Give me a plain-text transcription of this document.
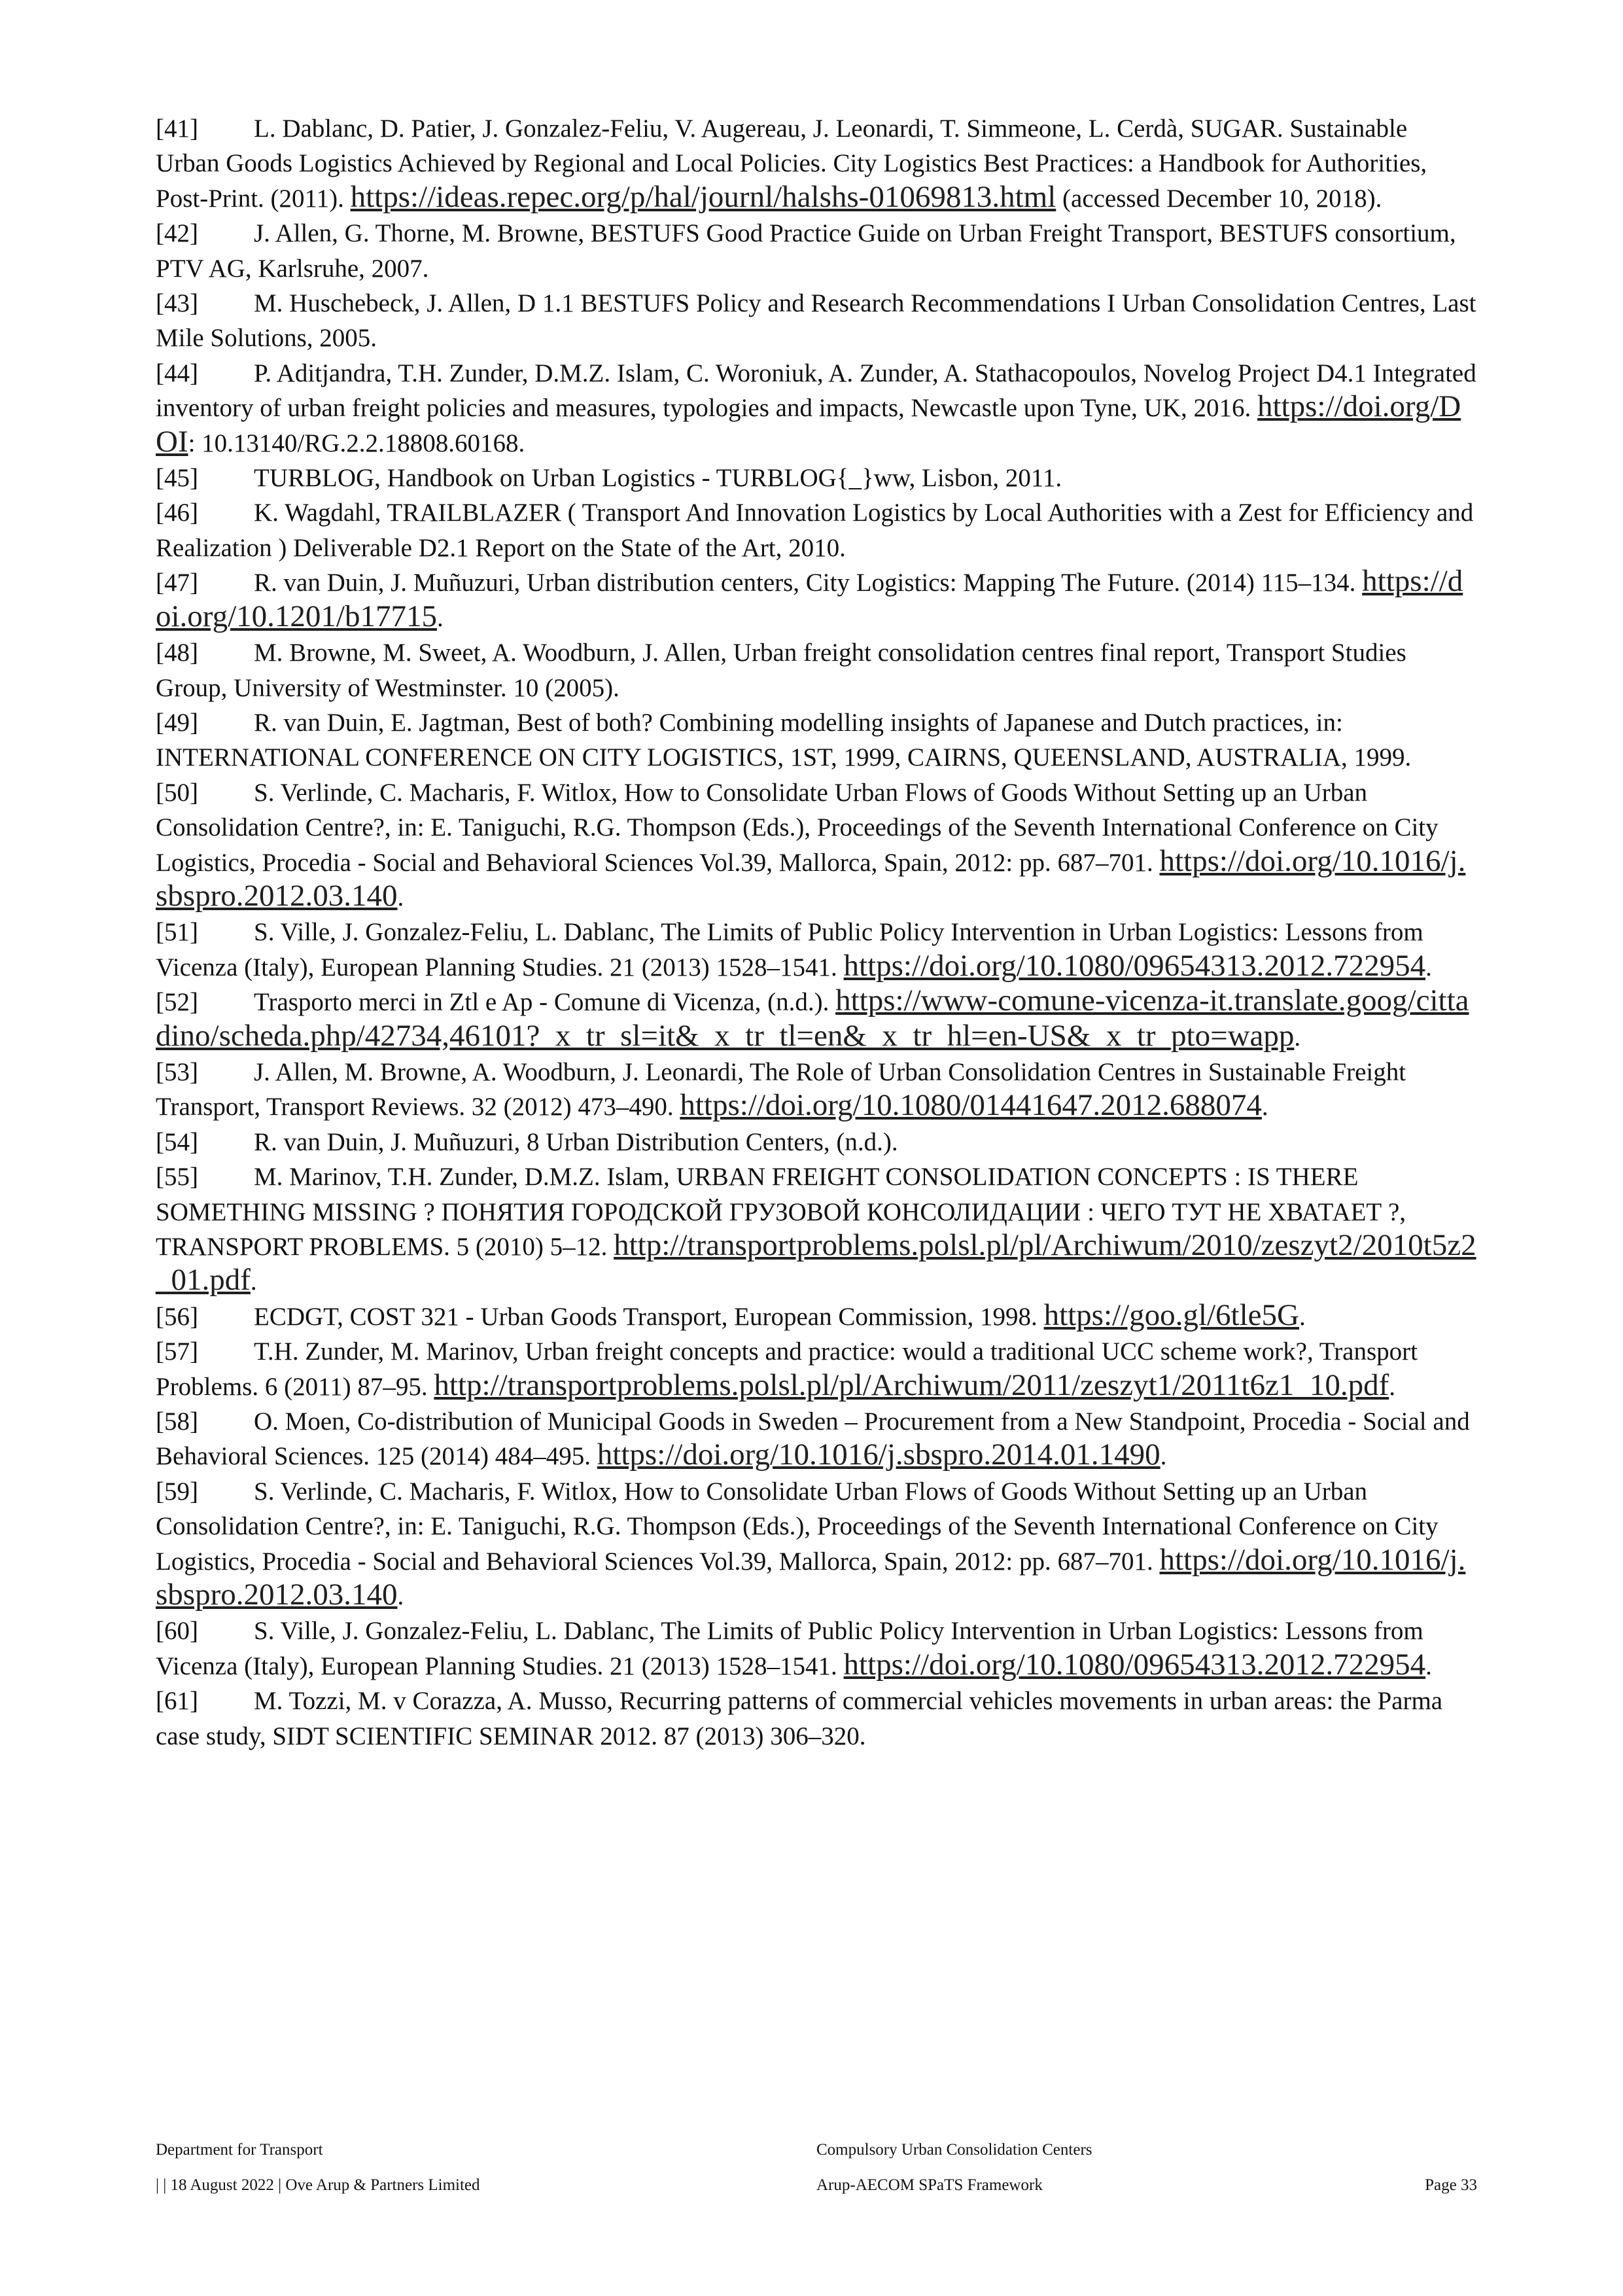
[41] L. Dablanc, D. Patier, J. Gonzalez-Feliu, V. Augereau, J. Leonardi, T. Simmeone, L. Cerdà, SUGAR. Sustainable Urban Goods Logistics Achieved by Regional and Local Policies. City Logistics Best Practices: a Handbook for Authorities, Post-Print. (2011). https://ideas.repec.org/p/hal/journl/halshs-01069813.html (accessed December 10, 2018).

[42] J. Allen, G. Thorne, M. Browne, BESTUFS Good Practice Guide on Urban Freight Transport, BESTUFS consortium, PTV AG, Karlsruhe, 2007.

[43] M. Huschebeck, J. Allen, D 1.1 BESTUFS Policy and Research Recommendations I Urban Consolidation Centres, Last Mile Solutions, 2005.

[44] P. Aditjandra, T.H. Zunder, D.M.Z. Islam, C. Woroniuk, A. Zunder, A. Stathacopoulos, Novelog Project D4.1 Integrated inventory of urban freight policies and measures, typologies and impacts, Newcastle upon Tyne, UK, 2016. https://doi.org/DOI: 10.13140/RG.2.2.18808.60168.

[45] TURBLOG, Handbook on Urban Logistics - TURBLOG{_}ww, Lisbon, 2011.

[46] K. Wagdahl, TRAILBLAZER ( Transport And Innovation Logistics by Local Authorities with a Zest for Efficiency and Realization ) Deliverable D2.1 Report on the State of the Art, 2010.

[47] R. van Duin, J. Muñuzuri, Urban distribution centers, City Logistics: Mapping The Future. (2014) 115–134. https://doi.org/10.1201/b17715.

[48] M. Browne, M. Sweet, A. Woodburn, J. Allen, Urban freight consolidation centres final report, Transport Studies Group, University of Westminster. 10 (2005).

[49] R. van Duin, E. Jagtman, Best of both? Combining modelling insights of Japanese and Dutch practices, in: INTERNATIONAL CONFERENCE ON CITY LOGISTICS, 1ST, 1999, CAIRNS, QUEENSLAND, AUSTRALIA, 1999.

[50] S. Verlinde, C. Macharis, F. Witlox, How to Consolidate Urban Flows of Goods Without Setting up an Urban Consolidation Centre?, in: E. Taniguchi, R.G. Thompson (Eds.), Proceedings of the Seventh International Conference on City Logistics, Procedia - Social and Behavioral Sciences Vol.39, Mallorca, Spain, 2012: pp. 687–701. https://doi.org/10.1016/j.sbspro.2012.03.140.

[51] S. Ville, J. Gonzalez-Feliu, L. Dablanc, The Limits of Public Policy Intervention in Urban Logistics: Lessons from Vicenza (Italy), European Planning Studies. 21 (2013) 1528–1541. https://doi.org/10.1080/09654313.2012.722954.

[52] Trasporto merci in Ztl e Ap - Comune di Vicenza, (n.d.). https://www-comune-vicenza-it.translate.goog/cittadino/scheda.php/42734,46101?_x_tr_sl=it&_x_tr_tl=en&_x_tr_hl=en-US&_x_tr_pto=wapp.

[53] J. Allen, M. Browne, A. Woodburn, J. Leonardi, The Role of Urban Consolidation Centres in Sustainable Freight Transport, Transport Reviews. 32 (2012) 473–490. https://doi.org/10.1080/01441647.2012.688074.

[54] R. van Duin, J. Muñuzuri, 8 Urban Distribution Centers, (n.d.).

[55] M. Marinov, T.H. Zunder, D.M.Z. Islam, URBAN FREIGHT CONSOLIDATION CONCEPTS : IS THERE SOMETHING MISSING ? ПОНЯТИЯ ГОРОДСКОЙ ГРУЗОВОЙ КОНСОЛИДАЦИИ : ЧЕГО ТУТ НЕ ХВАТАЕТ ?, TRANSPORT PROBLEMS. 5 (2010) 5–12. http://transportproblems.polsl.pl/pl/Archiwum/2010/zeszyt2/2010t5z2_01.pdf.

[56] ECDGT, COST 321 - Urban Goods Transport, European Commission, 1998. https://goo.gl/6tle5G.

[57] T.H. Zunder, M. Marinov, Urban freight concepts and practice: would a traditional UCC scheme work?, Transport Problems. 6 (2011) 87–95. http://transportproblems.polsl.pl/pl/Archiwum/2011/zeszyt1/2011t6z1_10.pdf.

[58] O. Moen, Co-distribution of Municipal Goods in Sweden – Procurement from a New Standpoint, Procedia - Social and Behavioral Sciences. 125 (2014) 484–495. https://doi.org/10.1016/j.sbspro.2014.01.1490.

[59] S. Verlinde, C. Macharis, F. Witlox, How to Consolidate Urban Flows of Goods Without Setting up an Urban Consolidation Centre?, in: E. Taniguchi, R.G. Thompson (Eds.), Proceedings of the Seventh International Conference on City Logistics, Procedia - Social and Behavioral Sciences Vol.39, Mallorca, Spain, 2012: pp. 687–701. https://doi.org/10.1016/j.sbspro.2012.03.140.

[60] S. Ville, J. Gonzalez-Feliu, L. Dablanc, The Limits of Public Policy Intervention in Urban Logistics: Lessons from Vicenza (Italy), European Planning Studies. 21 (2013) 1528–1541. https://doi.org/10.1080/09654313.2012.722954.

[61] M. Tozzi, M. v Corazza, A. Musso, Recurring patterns of commercial vehicles movements in urban areas: the Parma case study, SIDT SCIENTIFIC SEMINAR 2012. 87 (2013) 306–320.

Department for Transport	Compulsory Urban Consolidation Centers
| | 18 August 2022 | Ove Arup & Partners Limited	Arup-AECOM SPaTS Framework	Page 33
